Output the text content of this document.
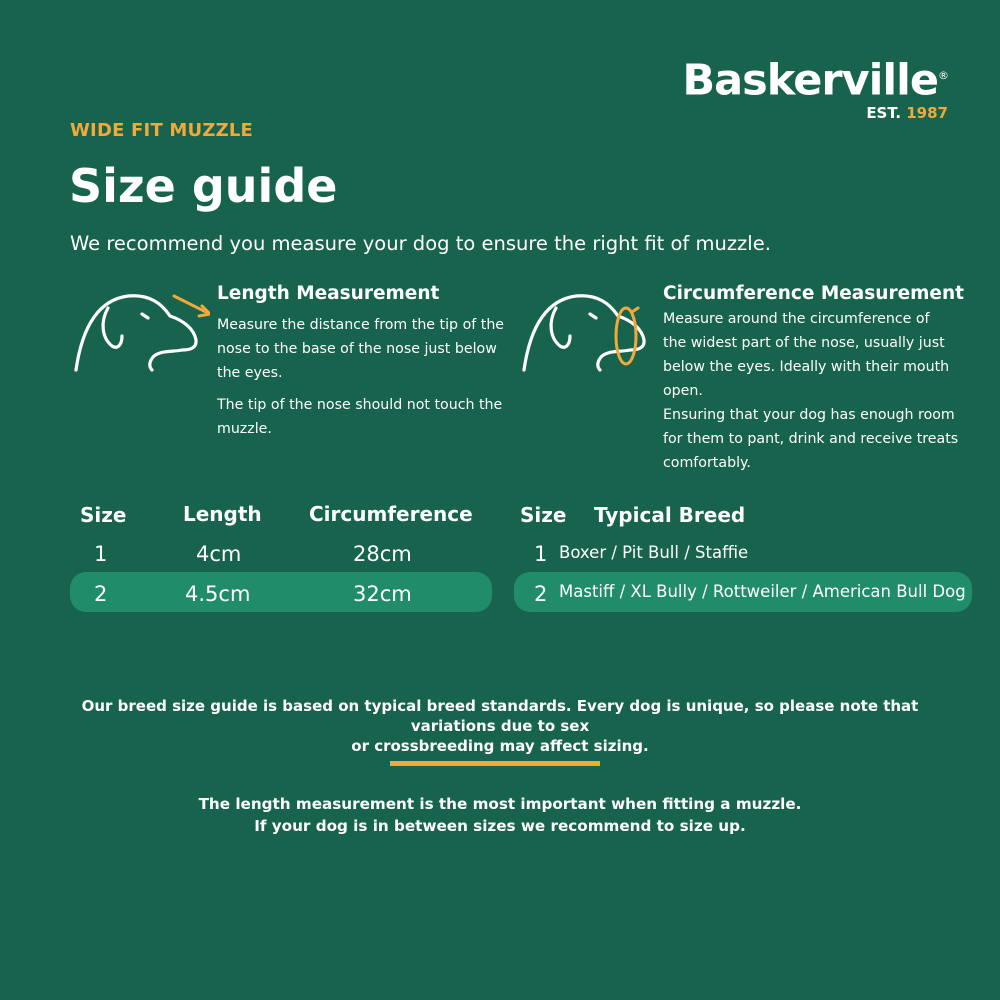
Baskerville®
EST. 1987
WIDE FIT MUZZLE
Size guide
We recommend you measure your dog to ensure the right fit of muzzle.
Length Measurement
Measure the distance from the tip of the
nose to the base of the nose just below
the eyes.
The tip of the nose should not touch the
muzzle.
Circumference Measurement
Measure around the circumference of
the widest part of the nose, usually just
below the eyes. Ideally with their mouth
open.
Ensuring that your dog has enough room
for them to pant, drink and receive treats
comfortably.
Size	Length Circumference
1	4cm	28cm
2	4.5cm	32cm
Size Typical Breed
1 Boxer / Pit Bull / Staffie
2 Mastiff / XL Bully / Rottweiler / American Bull Dog
Our breed size guide is based on typical breed standards. Every dog is unique, so please note that variations due to sex
or crossbreeding may affect sizing.
The length measurement is the most important when fitting a muzzle.
If your dog is in between sizes we recommend to size up.
